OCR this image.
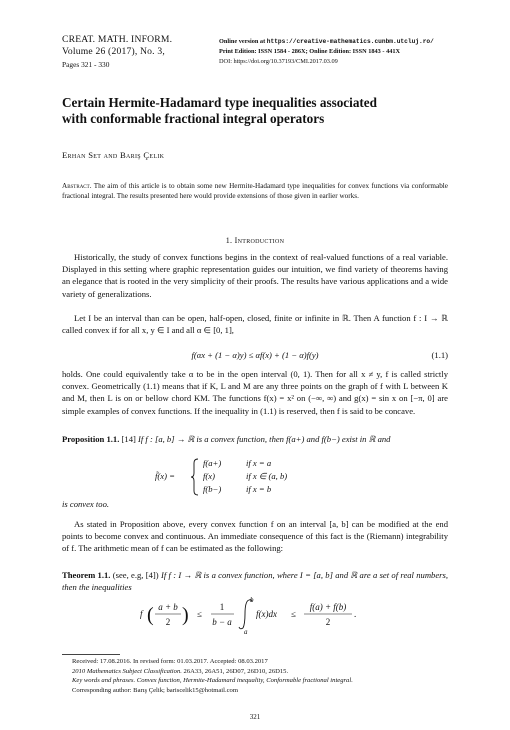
CREAT. MATH. INFORM.
Volume 26 (2017), No. 3,
Pages 321 - 330
Online version at https://creative-mathematics.cunbm.utcluj.ro/
Print Edition: ISSN 1584 - 286X; Online Edition: ISSN 1843 - 441X
DOI: https://doi.org/10.37193/CMI.2017.03.09
Certain Hermite-Hadamard type inequalities associated
with conformable fractional integral operators
Erhan Set and Barış Çelik
Abstract. The aim of this article is to obtain some new Hermite-Hadamard type inequalities for convex functions via conformable fractional integral. The results presented here would provide extensions of those given in earlier works.
1. Introduction
Historically, the study of convex functions begins in the context of real-valued functions of a real variable. Displayed in this setting where graphic representation guides our intuition, we find variety of theorems having an elegance that is rooted in the very simplicity of their proofs. The results have various applications and a wide variety of generalizations.
Let I be an interval than can be open, half-open, closed, finite or infinite in ℝ. Then A function f : I → ℝ called convex if for all x, y ∈ I and all α ∈ [0, 1],
f(αx + (1 − α)y) ≤ αf(x) + (1 − α)f(y)	(1.1)
holds. One could equivalently take α to be in the open interval (0, 1). Then for all x ≠ y, f is called strictly convex. Geometrically (1.1) means that if K, L and M are any three points on the graph of f with L between K and M, then L is on or bellow chord KM. The functions f(x) = x² on (−∞, ∞) and g(x) = sin x on [−π, 0] are simple examples of convex functions. If the inequality in (1.1) is reserved, then f is said to be concave.
Proposition 1.1. [14] If f : [a, b] → ℝ is a convex function, then f(a+) and f(b−) exist in ℝ and
f̃(x) =
f(a+)	if x = a
f(x)	if x ∈ (a, b)
f(b−)	if x = b
is convex too.
As stated in Proposition above, every convex function f on an interval [a, b] can be modified at the end points to become convex and continuous. An immediate consequence of this fact is the (Riemann) integrability of f. The arithmetic mean of f can be estimated as the following:
Theorem 1.1. (see, e.g, [4]) If f : I → ℝ is a convex function, where I = [a, b] and ℝ are a set of real numbers, then the inequalities
f ( a + b
2 ) ≤
1
b − a
b
a
f(x)dx ≤
f(a) + f(b)
2
.
Received: 17.08.2016. In revised form: 01.03.2017. Accepted: 08.03.2017
2010 Mathematics Subject Classification. 26A33, 26A51, 26D07, 26D10, 26D15.
Key words and phrases. Convex function, Hermite-Hadamard inequality, Conformable fractional integral.
Corresponding author: Barış Çelik; bariscelik15@hotmail.com
321
